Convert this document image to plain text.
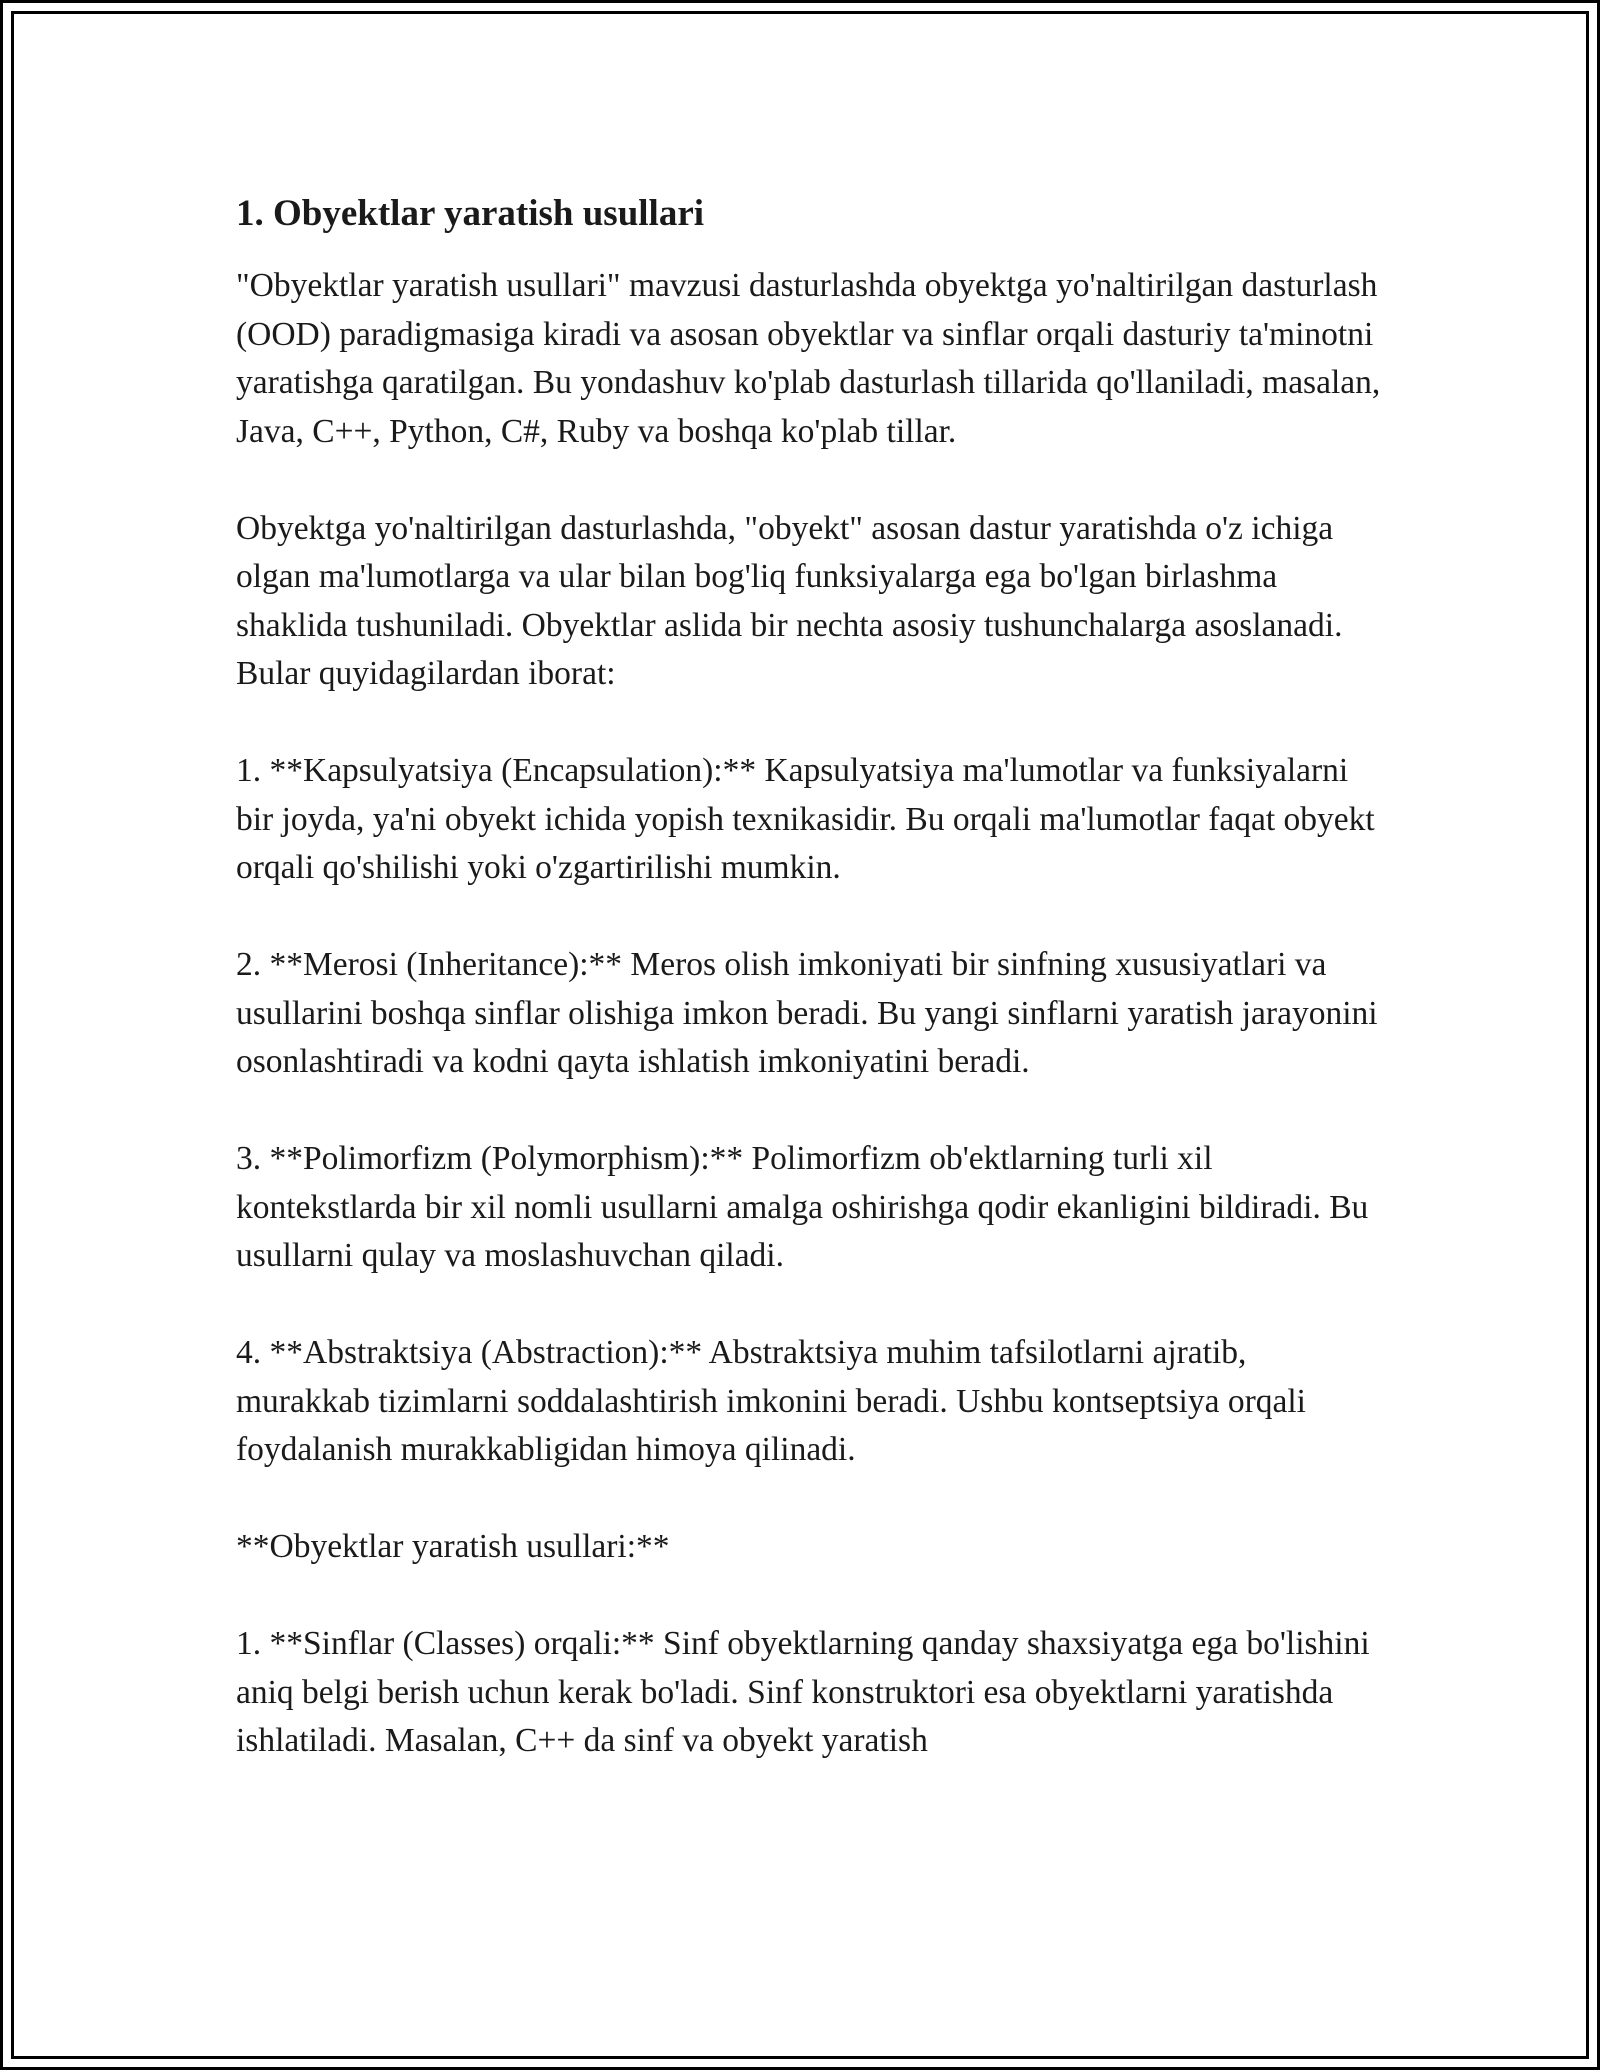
1. Obyektlar yaratish usullari

"Obyektlar yaratish usullari" mavzusi dasturlashda obyektga yo'naltirilgan dasturlash (OOD) paradigmasiga kiradi va asosan obyektlar va sinflar orqali dasturiy ta'minotni yaratishga qaratilgan. Bu yondashuv ko'plab dasturlash tillarida qo'llaniladi, masalan, Java, C++, Python, C#, Ruby va boshqa ko'plab tillar.

Obyektga yo'naltirilgan dasturlashda, "obyekt" asosan dastur yaratishda o'z ichiga olgan ma'lumotlarga va ular bilan bog'liq funksiyalarga ega bo'lgan birlashma shaklida tushuniladi. Obyektlar aslida bir nechta asosiy tushunchalarga asoslanadi. Bular quyidagilardan iborat:

1. **Kapsulyatsiya (Encapsulation):** Kapsulyatsiya ma'lumotlar va funksiyalarni bir joyda, ya'ni obyekt ichida yopish texnikasidir. Bu orqali ma'lumotlar faqat obyekt orqali qo'shilishi yoki o'zgartirilishi mumkin.

2. **Merosi (Inheritance):** Meros olish imkoniyati bir sinfning xususiyatlari va usullarini boshqa sinflar olishiga imkon beradi. Bu yangi sinflarni yaratish jarayonini osonlashtiradi va kodni qayta ishlatish imkoniyatini beradi.

3. **Polimorfizm (Polymorphism):** Polimorfizm ob'ektlarning turli xil kontekstlarda bir xil nomli usullarni amalga oshirishga qodir ekanligini bildiradi. Bu usullarni qulay va moslashuvchan qiladi.

4. **Abstraktsiya (Abstraction):** Abstraktsiya muhim tafsilotlarni ajratib, murakkab tizimlarni soddalashtirish imkonini beradi. Ushbu kontseptsiya orqali foydalanish murakkabligidan himoya qilinadi.

**Obyektlar yaratish usullari:**

1. **Sinflar (Classes) orqali:** Sinf obyektlarning qanday shaxsiyatga ega bo'lishini aniq belgi berish uchun kerak bo'ladi. Sinf konstruktori esa obyektlarni yaratishda ishlatiladi. Masalan, C++ da sinf va obyekt yaratish
